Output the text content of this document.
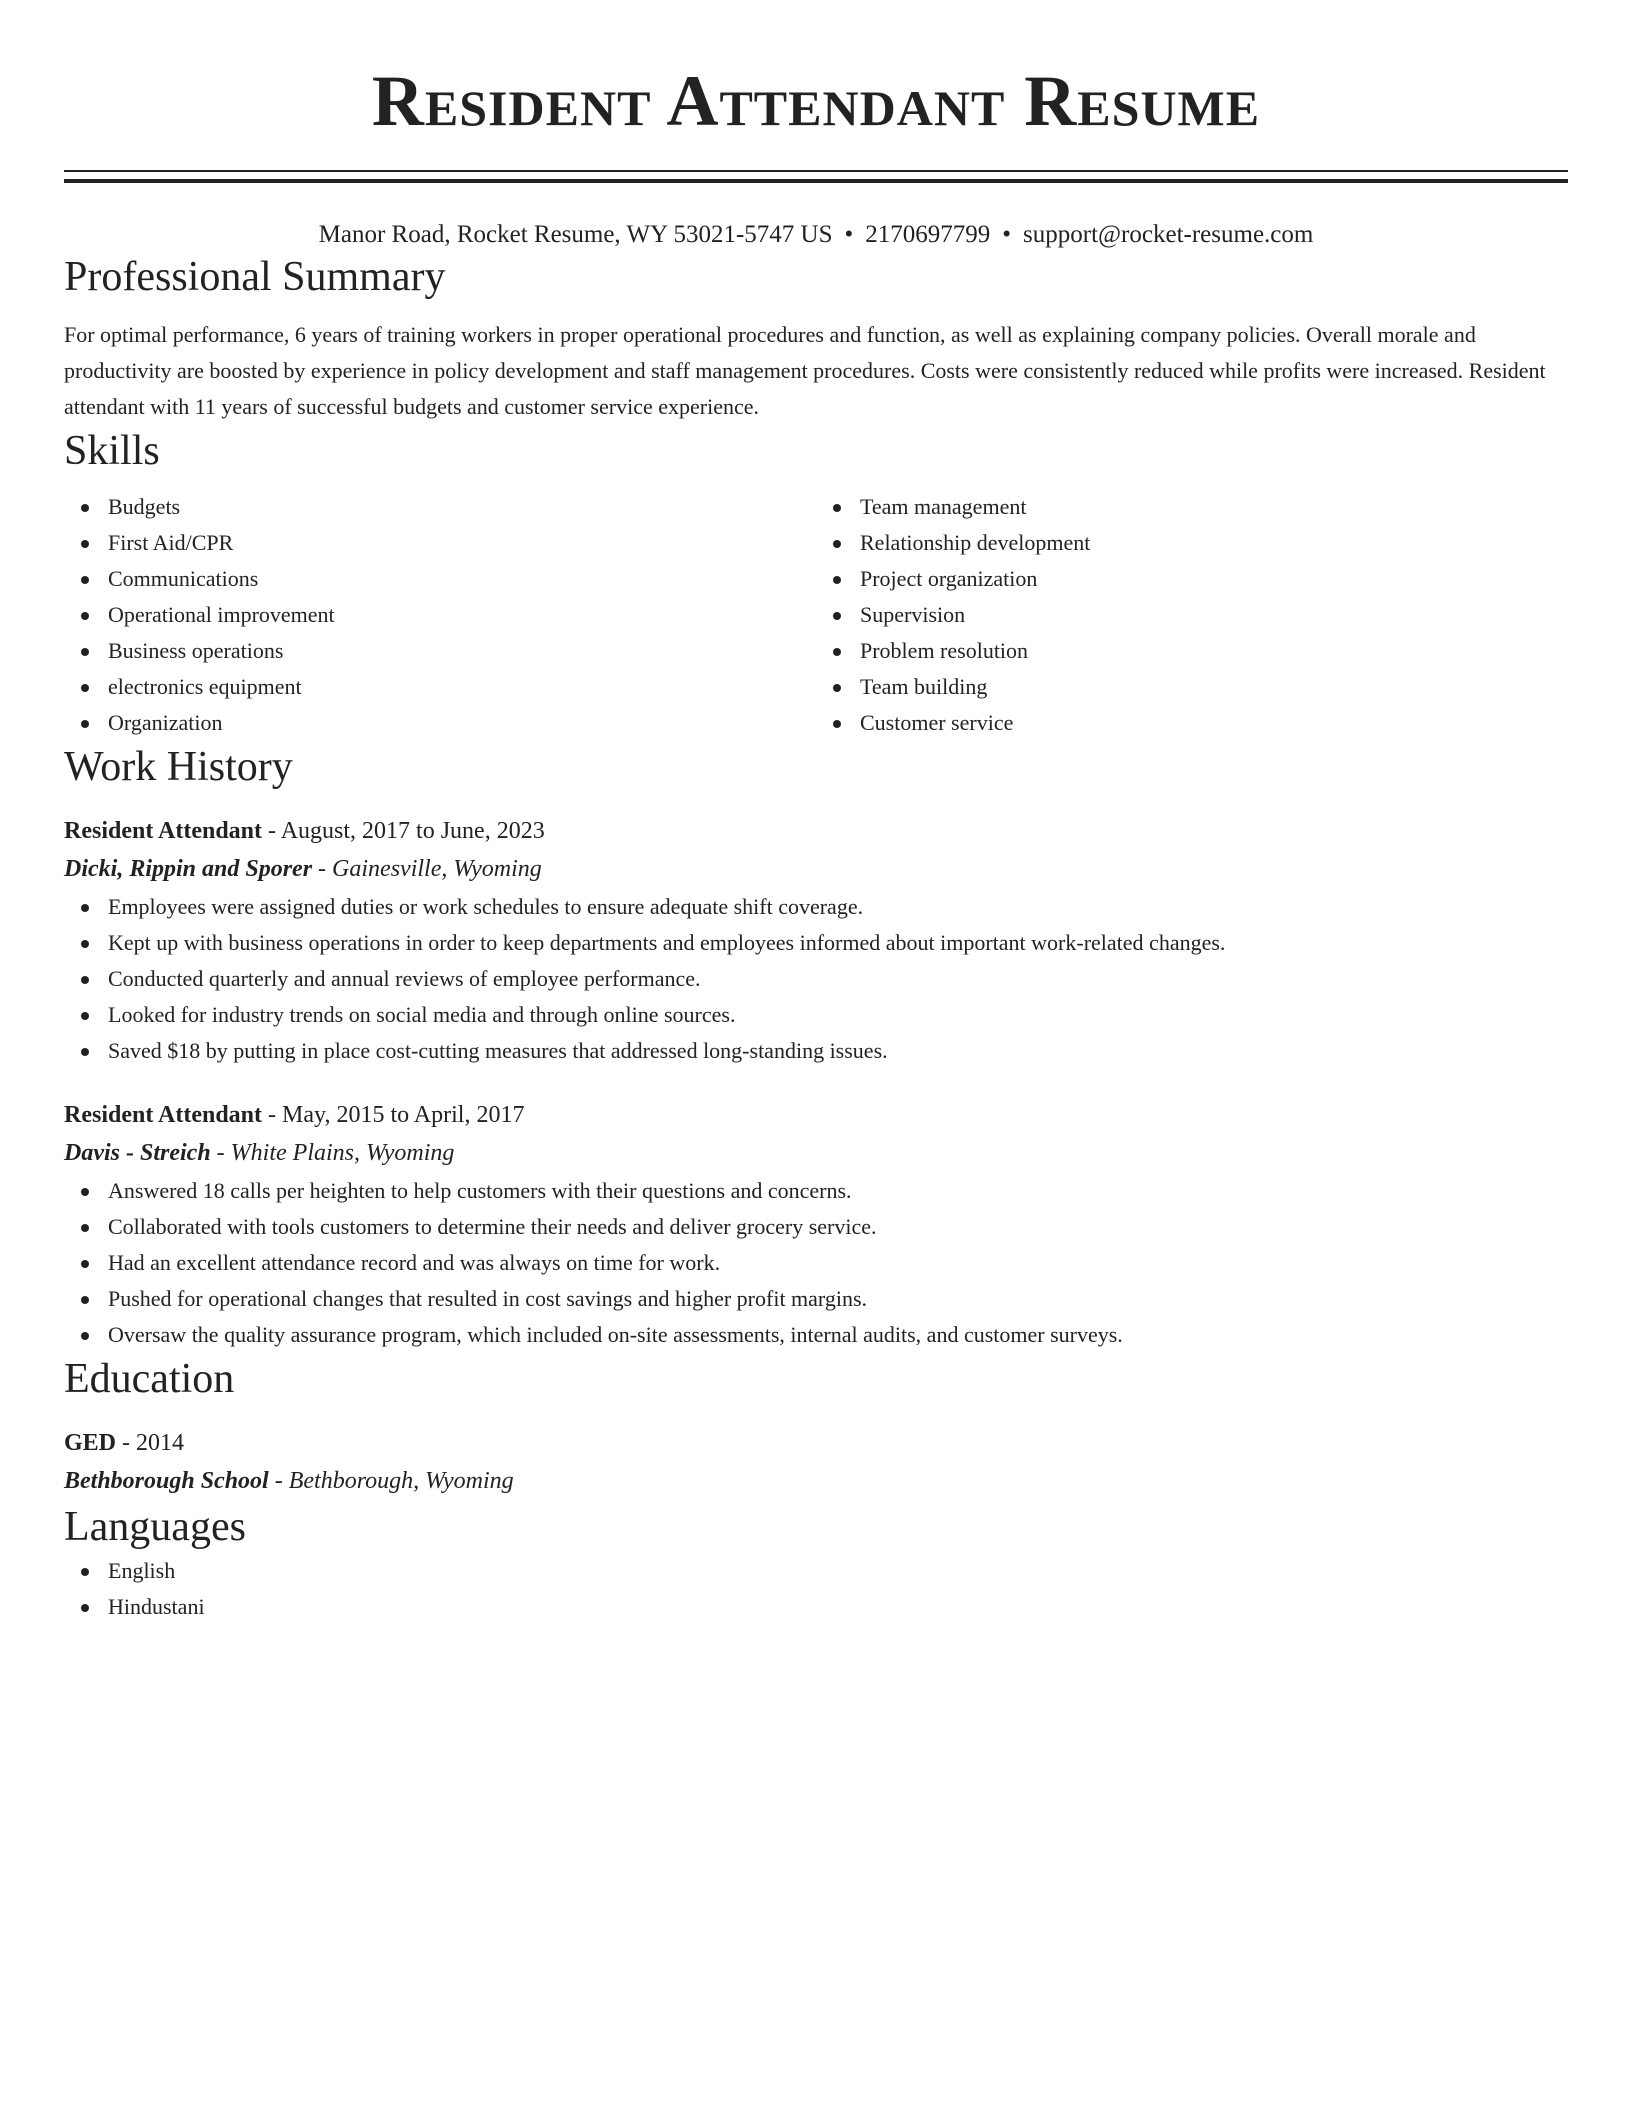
Resident Attendant Resume
Manor Road, Rocket Resume, WY 53021-5747 US • 2170697799 • support@rocket-resume.com
Professional Summary
For optimal performance, 6 years of training workers in proper operational procedures and function, as well as explaining company policies. Overall morale and productivity are boosted by experience in policy development and staff management procedures. Costs were consistently reduced while profits were increased. Resident attendant with 11 years of successful budgets and customer service experience.
Skills
Budgets
First Aid/CPR
Communications
Operational improvement
Business operations
electronics equipment
Organization
Team management
Relationship development
Project organization
Supervision
Problem resolution
Team building
Customer service
Work History
Resident Attendant - August, 2017 to June, 2023
Dicki, Rippin and Sporer - Gainesville, Wyoming
Employees were assigned duties or work schedules to ensure adequate shift coverage.
Kept up with business operations in order to keep departments and employees informed about important work-related changes.
Conducted quarterly and annual reviews of employee performance.
Looked for industry trends on social media and through online sources.
Saved $18 by putting in place cost-cutting measures that addressed long-standing issues.
Resident Attendant - May, 2015 to April, 2017
Davis - Streich - White Plains, Wyoming
Answered 18 calls per heighten to help customers with their questions and concerns.
Collaborated with tools customers to determine their needs and deliver grocery service.
Had an excellent attendance record and was always on time for work.
Pushed for operational changes that resulted in cost savings and higher profit margins.
Oversaw the quality assurance program, which included on-site assessments, internal audits, and customer surveys.
Education
GED - 2014
Bethborough School - Bethborough, Wyoming
Languages
English
Hindustani
